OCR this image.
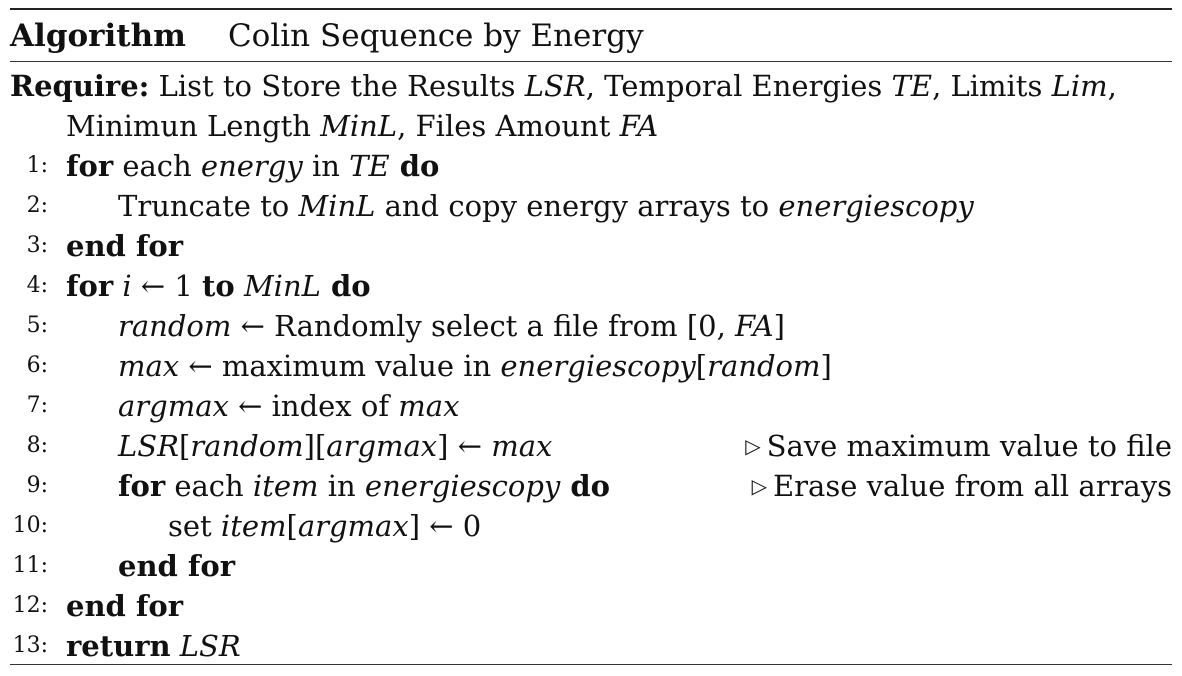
Algorithm Colin Sequence by Energy
Require: List to Store the Results LSR, Temporal Energies TE, Limits Lim,
Minimun Length MinL, Files Amount FA
1: for each energy in TE do
2: Truncate to MinL and copy energy arrays to energiescopy
3: end for
4: for i ← 1 to MinL do
5: random ← Randomly select a file from [0, FA]
6: max ← maximum value in energiescopy[random]
7: argmax ← index of max
8: LSR[random][argmax] ← max	▷ Save maximum value to file
9: for each item in energiescopy do	▷ Erase value from all arrays
10:	set item[argmax] ← 0
11: end for
12: end for
13: return LSR
